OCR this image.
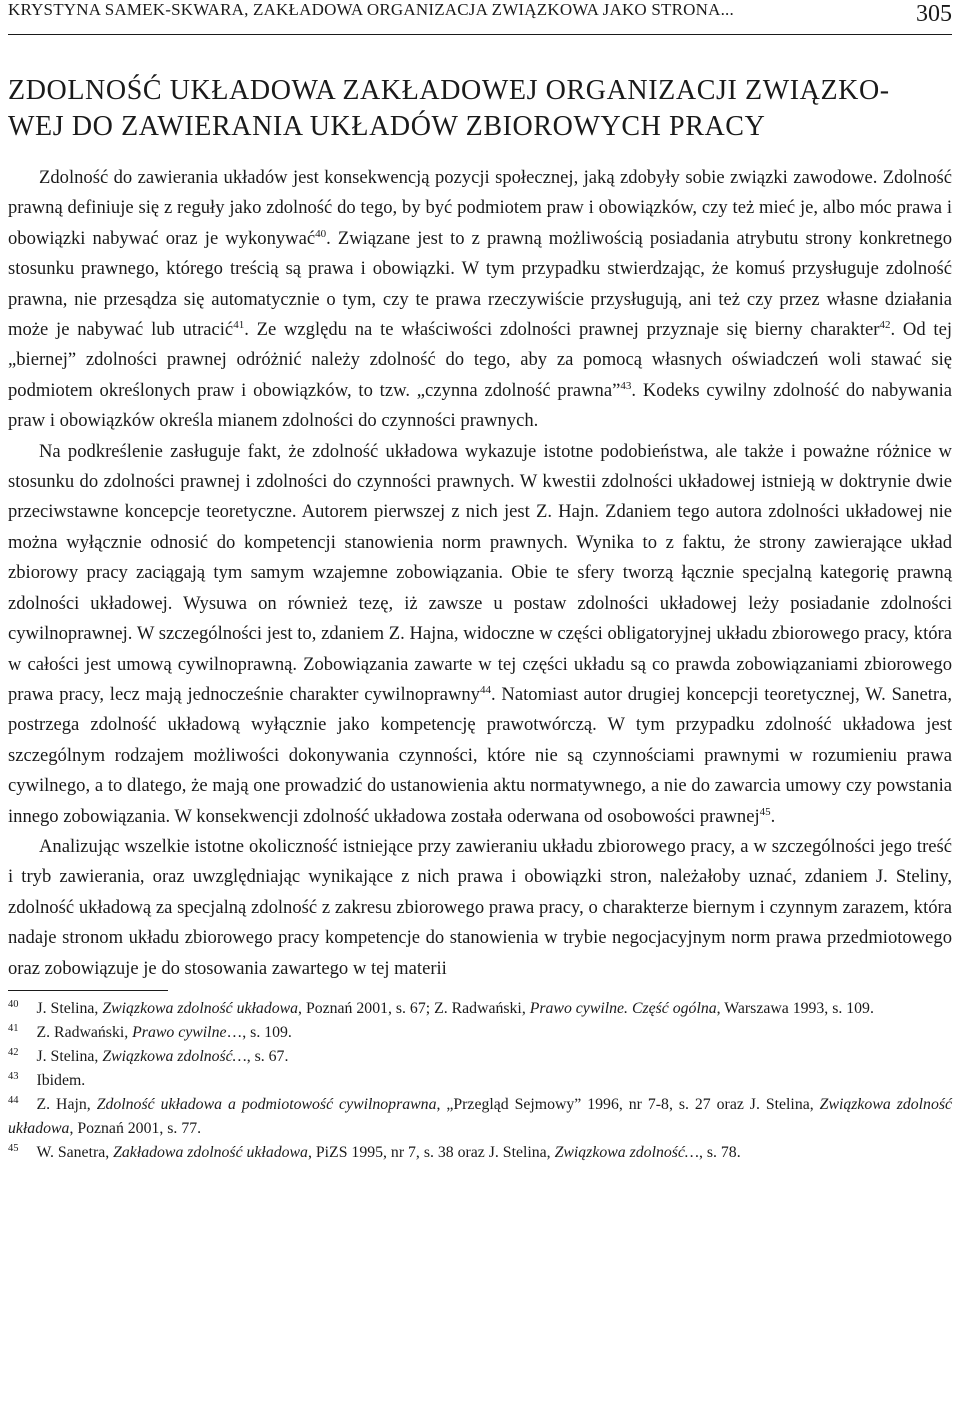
KRYSTYNA SAMEK-SKWARA, ZAKŁADOWA ORGANIZACJA ZWIĄZKOWA JAKO STRONA...	305
ZDOLNOŚĆ UKŁADOWA ZAKŁADOWEJ ORGANIZACJI ZWIĄZKO-
WEJ DO ZAWIERANIA UKŁADÓW ZBIOROWYCH PRACY

Zdolność do zawierania układów jest konsekwencją pozycji społecznej, jaką zdobyły sobie związki zawodowe. Zdolność prawną definiuje się z reguły jako zdolność do tego, by być podmiotem praw i obowiązków, czy też mieć je, albo móc prawa i obowiązki nabywać oraz je wykonywać$^{40}$. Związane jest to z prawną możliwością posiadania atrybutu strony konkretnego stosunku prawnego, którego treścią są prawa i obowiązki. W tym przypadku stwierdzając, że komuś przysługuje zdolność prawna, nie przesądza się automatycznie o tym, czy te prawa rzeczywiście przysługują, ani też czy przez własne działania może je nabywać lub utracić$^{41}$. Ze względu na te właściwości zdolności prawnej przyznaje się bierny charakter$^{42}$. Od tej „biernej” zdolności prawnej odróżnić należy zdolność do tego, aby za pomocą własnych oświadczeń woli stawać się podmiotem określonych praw i obowiązków, to tzw. „czynna zdolność prawna”$^{43}$. Kodeks cywilny zdolność do nabywania praw i obowiązków określa mianem zdolności do czynności prawnych.

Na podkreślenie zasługuje fakt, że zdolność układowa wykazuje istotne podobieństwa, ale także i poważne różnice w stosunku do zdolności prawnej i zdolności do czynności prawnych. W kwestii zdolności układowej istnieją w doktrynie dwie przeciwstawne koncepcje teoretyczne. Autorem pierwszej z nich jest Z. Hajn. Zdaniem tego autora zdolności układowej nie można wyłącznie odnosić do kompetencji stanowienia norm prawnych. Wynika to z faktu, że strony zawierające układ zbiorowy pracy zaciągają tym samym wzajemne zobowiązania. Obie te sfery tworzą łącznie specjalną kategorię prawną zdolności układowej. Wysuwa on również tezę, iż zawsze u postaw zdolności układowej leży posiadanie zdolności cywilnoprawnej. W szczególności jest to, zdaniem Z. Hajna, widoczne w części obligatoryjnej układu zbiorowego pracy, która w całości jest umową cywilnoprawną. Zobowiązania zawarte w tej części układu są co prawda zobowiązaniami zbiorowego prawa pracy, lecz mają jednocześnie charakter cywilnoprawny$^{44}$. Natomiast autor drugiej koncepcji teoretycznej, W. Sanetra, postrzega zdolność układową wyłącznie jako kompetencję prawotwórczą. W tym przypadku zdolność układowa jest szczególnym rodzajem możliwości dokonywania czynności, które nie są czynnościami prawnymi w rozumieniu prawa cywilnego, a to dlatego, że mają one prowadzić do ustanowienia aktu normatywnego, a nie do zawarcia umowy czy powstania innego zobowiązania. W konsekwencji zdolność układowa została oderwana od osobowości prawnej$^{45}$.

Analizując wszelkie istotne okoliczność istniejące przy zawieraniu układu zbiorowego pracy, a w szczególności jego treść i tryb zawierania, oraz uwzględniając wynikające z nich prawa i obowiązki stron, należałoby uznać, zdaniem J. Steliny, zdolność układową za specjalną zdolność z zakresu zbiorowego prawa pracy, o charakterze biernym i czynnym zarazem, która nadaje stronom układu zbiorowego pracy kompetencje do stanowienia w trybie negocjacyjnym norm prawa przedmiotowego oraz zobowiązuje je do stosowania zawartego w tej materii

$^{40}$ J. Stelina, Związkowa zdolność układowa, Poznań 2001, s. 67; Z. Radwański, Prawo cywilne. Część ogólna, Warszawa 1993, s. 109.

$^{41}$ Z. Radwański, Prawo cywilne…, s. 109.

$^{42}$ J. Stelina, Związkowa zdolność…, s. 67.

$^{43}$ Ibidem.

$^{44}$ Z. Hajn, Zdolność układowa a podmiotowość cywilnoprawna, „Przegląd Sejmowy” 1996, nr 7-8, s. 27 oraz J. Stelina, Związkowa zdolność układowa, Poznań 2001, s. 77.

$^{45}$ W. Sanetra, Zakładowa zdolność układowa, PiZS 1995, nr 7, s. 38 oraz J. Stelina, Związkowa zdolność…, s. 78.
